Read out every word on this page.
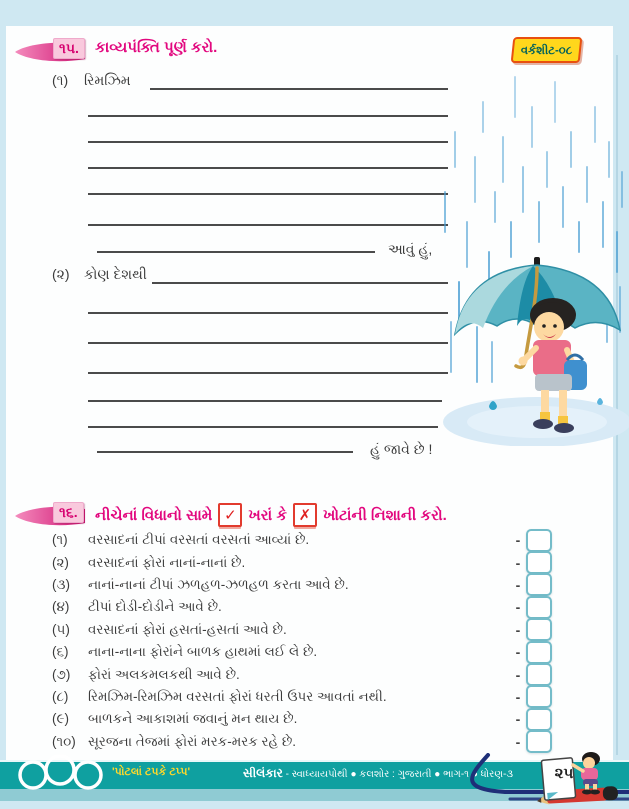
૧૫.	કાવ્યપંક્તિ પૂર્ણ કરો.	વર્કશીટ-૦૮
(૧) રિમઝિમ
આવું હું,
(૨) કોણ દેશથી
હું જાવે છે !
૧૬.	નીચેનાં વિધાનો સામે ✓ ખરાં કે ✗ ખોટાંની નિશાની કરો.
(૧)	વરસાદનાં ટીપાં વરસતાં વરસતાં આવ્યાં છે.	-
(૨)	વરસાદનાં ફોરાં નાનાં-નાનાં છે.	-
(૩)	નાનાં-નાનાં ટીપાં ઝળહળ-ઝળહળ કરતા આવે છે.	-
(૪)	ટીપાં દોડી-દોડીને આવે છે.	-
(૫)	વરસાદનાં ફોરાં હસતાં-હસતાં આવે છે.	-
(૬)	નાના-નાના ફોરાંને બાળક હાથમાં લઈ લે છે.	-
(૭)	ફોરાં અલકમલકથી આવે છે.	-
(૮)	રિમઝિમ-રિમઝિમ વરસતાં ફોરાં ધરતી ઉપર આવતાં નથી.	-
(૯)	બાળકને આકાશમાં જવાનું મન થાય છે.	-
(૧૦) સૂરજના તેજમાં ફોરાં મરક-મરક રહે છે.	-
'પોટલાં ટપકે ટપ્પ'	સીલંકાર - સ્વાધ્યાયપોથી ● કલશોર : ગુજરાતી ● ભાગ-૧ ● ધોરણ-૩	૨૫
